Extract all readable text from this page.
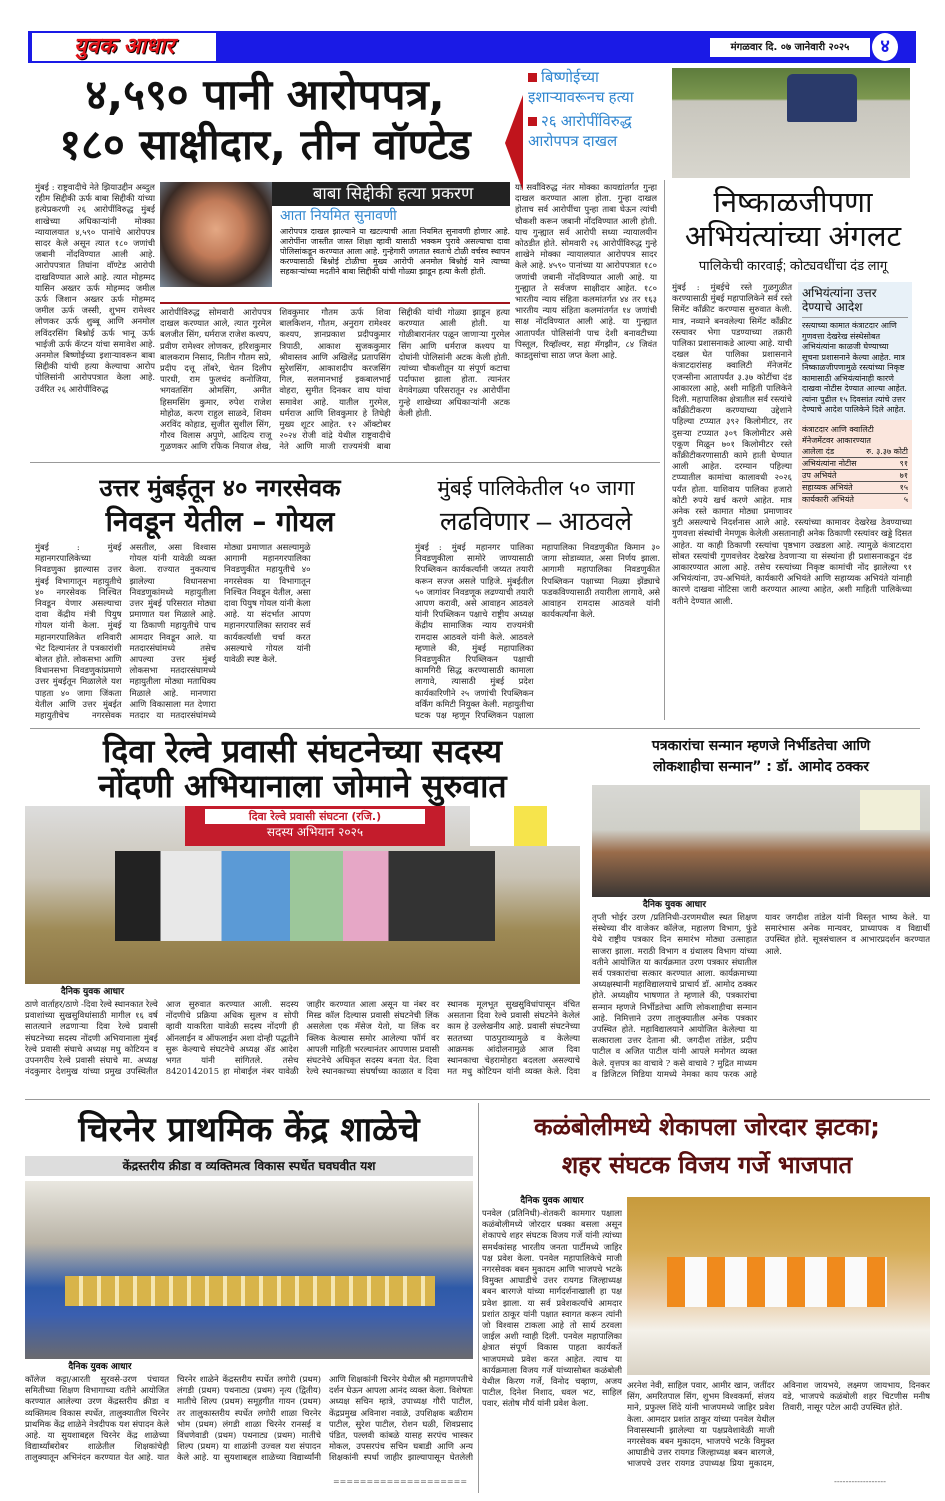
युवक आधार	मंगळवार दि. ०७ जानेवारी २०२५	४
४,५९० पानी आरोपपत्र,
१८० साक्षीदार, तीन वॉण्टेड
बिष्णोईच्या इशाऱ्यावरूनच हत्या
२६ आरोपींविरुद्ध आरोपपत्र दाखल
मुंबई : राष्ट्रवादीचे नेते झियाउद्दीन अब्दुल रहीम सिद्दीकी ऊर्फ बाबा सिद्दीकी यांच्या हत्येप्रकरणी २६ आरोपींविरुद्ध मुंबई शाखेच्या अधिकाऱ्यांनी मोक्का न्यायालयात ४,५९० पानांचे आरोपपत्र सादर केले असून त्यात १८० जणांची जबानी नोंदविण्यात आली आहे. आरोपपत्रात तिघांना वॉण्टेड आरोपी दाखविण्यात आले आहे. त्यात मोहम्मद यासिन अख्तर ऊर्फ मोहम्मद जमील ऊर्फ जिशान अख्तर ऊर्फ मोहम्मद जमील ऊर्फ जस्सी, शुभम रामेश्वर लोणकर ऊर्फ शुब्बू आणि अनमोल लविंदरसिंग बिश्नोई ऊर्फ भानू ऊर्फ भाईजी ऊर्फ कॅप्टन यांचा समावेश आहे. अनमोल बिष्णोईच्या इशाऱ्यावरून बाबा सिद्दीकी यांची हत्या केल्याचा आरोप पोलिसांनी आरोपपत्रात केला आहे. उर्वरित २६ आरोपींविरुद्ध
बाबा सिद्दीकी हत्या प्रकरण
आता नियमित सुनावणी
आरोपपत्र दाखल झाल्याने या खटल्याची आता नियमित सुनावणी होणार आहे. आरोपींना जास्तीत जास्त शिक्षा व्हावी यासाठी भक्कम पुरावे असल्याचा दावा पोलिसांकडून करण्यात आला आहे. गुन्हेगारी जगतात स्वतःचे टोळी वर्चस्व स्थापन करण्यासाठी बिश्नोई टोळीचा मुख्य आरोपी अनमोल बिश्नोई याने त्याच्या सहकाऱ्यांच्या मदतीने बाबा सिद्दीकी यांची गोळ्या झाडून हत्या केली होती.
आरोपींविरुद्ध सोमवारी आरोपपत्र दाखल करण्यात आले, त्यात गुरमेल बलजीत सिंग, धर्मराज राजेश कश्यप, प्रवीण रामेश्वर लोणकर, हरिशकुमार बालकराम निसाद, नितीन गौतम सप्रे, प्रदीप दत्तू तोंबरे, चेतन दिलीप पारधी, राम फुलचंद कनोजिया, भगवतसिंग ओमसिंग, अमीत हिसमसिंग कुमार, रुपेश राजेश मोहोळ, करण राहुल साळवे, शिवम अरविंद कोहाड, सुजीत सुशील सिंग, गौरव विलास अपुणे, आदित्य राजू गुळणकर आणि रफिक नियाज शेख, शिवकुमार गौतम ऊर्फ शिवा बालकिशन, गौतम, अनुराग रामेश्वर कश्यप, ज्ञानप्रकाश प्रदीपकुमार त्रिपाठी, आकाश सुजककुमार श्रीवास्तव आणि अखिलेंद्र प्रतापसिंग सुरेशसिंग, आकाशदीप करजसिंग गिल, सलमानभाई इकबालभाई वोहरा, सुमीत दिनकर वाघ यांचा समावेश आहे. यातील गुरमेल, धर्मराज आणि शिवकुमार हे तिघेही मुख्य शूटर आहेत. १२ ऑक्टोबर २०२४ रोजी वांद्रे येथील राष्ट्रवादीचे नेते आणि माजी राज्यमंत्री बाबा सिद्दीकी यांची गोळ्या झाडून हत्या करण्यात आली होती. या गोळीबारानंतर पळून जाणाऱ्या गुरमेल सिंग आणि धर्मराज कश्यप या दोघांनी पोलिसांनी अटक केली होती. त्यांच्या चौकशीतून या संपूर्ण कटाचा पर्दाफाश झाला होता. त्यानंतर वेगवेगळ्या परिसरातून २४ आरोपींना गुन्हे शाखेच्या अधिकाऱ्यांनी अटक केली होती.
या सर्वांविरुद्ध नंतर मोक्का कायद्यांतर्गत गुन्हा दाखल करण्यात आला होता. गुन्हा दाखल होताच सर्व आरोपींचा पुन्हा ताबा घेऊन त्यांची चौकशी करून जबानी नोंदविण्यात आली होती. याच गुन्ह्यात सर्व आरोपी सध्या न्यायालयीन कोठडीत होते. सोमवारी २६ आरोपींविरुद्ध गुन्हे शाखेने मोक्का न्यायालयात आरोपपत्र सादर केले आहे. ४५९० पानांच्या या आरोपपत्रात १८० जणांची जबानी नोंदविण्यात आली आहे. या गुन्ह्यात ते सर्वजण साक्षीदार आहेत. १८० भारतीय न्याय संहिता कलमांतर्गत ४४ तर १६३ भारतीय न्याय संहिता कलमांतर्गत १४ जणांची साक्ष नोंदविण्यात आली आहे. या गुन्ह्यात आतापर्यंत पोलिसांनी पाच देशी बनावटीच्या पिस्तूल, रिव्हॉल्वर, सहा मॅगझीन, ८४ जिवंत काडतुसांचा साठा जप्त केला आहे.
निष्काळजीपणा
अभियंत्यांच्या अंगलट
पालिकेची कारवाई; कोट्यवधींचा दंड लागू
मुंबई : मुंबईचे रस्ते गुळगुळीत करण्यासाठी मुंबई महापालिकेने सर्व रस्ते सिमेंट काँक्रीट करण्यास सुरुवात केली. मात्र, नव्याने बनवलेल्या सिमेंट काँक्रीट रस्त्यावर भेगा पडण्याच्या तक्रारी पालिका प्रशासनाकडे आल्या आहे. याची दखल घेत पालिका प्रशासनाने कंत्राटदारांसह क्वालिटी मॅनेजमेंट एजन्सीना आतापर्यंत ३.३७ कोटींचा दंड आकारला आहे, अशी माहिती पालिकेने दिली. महापालिका क्षेत्रातील सर्व रस्त्यांचे काँक्रीटीकरण करण्याच्या उद्देशाने पहिल्या टप्प्यात ३९२ किलोमीटर, तर दुसऱ्या टप्प्यात ३०९ किलोमीटर असे एकूण मिळून ७०१ किलोमीटर रस्ते काँक्रीटीकरणासाठी कामे हाती घेण्यात आली आहेत. दरम्यान पहिल्या टप्प्यातील कामांचा कालावधी २०२६ पर्यंत होता. याशिवाय पालिका हजारो कोटी रुपये खर्च करणे आहेत. मात्र अनेक रस्ते कामात मोठ्या प्रमाणावर त्रुटी असल्याचे निदर्शनास आले आहे. रस्त्यांच्या कामावर देखरेख ठेवण्याच्या गुणवत्ता संस्थांची नेमणूक केलेली असतानाही अनेक ठिकाणी रस्त्यांवर खड्डे दिसत आहेत. या काही ठिकाणी रस्त्यांचा पृष्ठभाग उखडला आहे. त्यामुळे कंत्राटदारा सोबत रस्त्यांची गुणवत्तेवर देखरेख ठेवणाऱ्या या संस्थांना ही प्रशासनाकडून दंड आकारण्यात आला आहे. तसेच रस्त्यांच्या निकृष्ट कामांची नोंद झालेल्या ९१ अभियंत्यांना, उप-अभियंते, कार्यकारी अभियंते आणि सहाय्यक अभियंते यांनाही कारणे दाखवा नोटिसा जारी करण्यात आल्या आहेत, अशी माहिती पालिकेच्या वतीने देण्यात आली.
अभियंत्यांना उत्तर देण्याचे आदेश
रस्त्याच्या कामात कंत्राटदार आणि गुणवत्ता देखरेख संस्थेसोबत अभियंत्यांना काळजी घेण्याच्या सूचना प्रशासनाने केल्या आहेत. मात्र निष्काळजीपणामुळे रस्त्यांच्या निकृष्ट कामासाठी अभियंत्यांनाही कारणे दाखवा नोटीस देण्यात आल्या आहेत. त्यांना पुढील १५ दिवसांत त्यांचे उत्तर देण्याचे आदेश पालिकेने दिले आहेत.
कंत्राटदार आणि क्वालिटी मॅनेजमेंटवर आकारण्यात
आलेला दंड	रु. ३.३७ कोटी
अभियंत्यांना नोटीस	९१
उप अभियंते	७१
सहाय्यक अभियंते	१५
कार्यकारी अभियंते	५
उत्तर मुंबईतून ४० नगरसेवक
निवडून येतील – गोयल
मुंबई : मुंबई महानगरपालिकेच्या निवडणुका झाल्यास उत्तर मुंबई विभागातून महायुतीचे ४० नगरसेवक निश्चित निवडून येणार असल्याचा दावा केंद्रीय मंत्री पियुष गोयल यांनी केला. मुंबई महानगरपालिकेत शनिवारी भेट दिल्यानंतर ते पत्रकारांशी बोलत होते. लोकसभा आणि विधानसभा निवडणुकांप्रमाणे उत्तर मुंबईतून मिळालेले यश पाहता ४० जागा जिंकता येतील आणि उत्तर मुंबईत महायुतीचेच नगरसेवक असतील, असा विश्वास गोयल यांनी यावेळी व्यक्त केला. राज्यात नुकत्याच झालेल्या विधानसभा निवडणुकांमध्ये महायुतीला उत्तर मुंबई परिसरात मोठ्या प्रमाणात यश मिळाले आहे. या ठिकाणी महायुतीचे पाच आमदार निवडून आले. या मतदारसंघांमध्ये तसेच आपल्या उत्तर मुंबई लोकसभा मतदारसंघामध्ये महायुतीला मोठ्या मताधिक्य मिळाले आहे. मानणारा आणि विकासाला मत देणारा मतदार या मतदारसंघांमध्ये मोठ्या प्रमाणात असल्यामुळे आगामी महानगरपालिका निवडणुकीत महायुतीचे ४० नगरसेवक या विभागातून निश्चित निवडून येतील, असा दावा पियुष गोयल यांनी केला आहे. या संदर्भात आपण महानगरपालिका स्तरावर सर्व कार्यकर्त्यांशी चर्चा करत असल्याचे गोयल यांनी यावेळी स्पष्ट केले.
मुंबई पालिकेतील ५० जागा
लढविणार – आठवले
मुंबई : मुंबई महानगर पालिका निवडणुकीला सामोरे जाण्यासाठी रिपब्लिकन कार्यकर्त्यांनी जय्यत तयारी करून सज्ज असले पाहिजे. मुंबईतील ५० जागांवर निवडणूक लढण्याची तयारी आपण करावी, असे आवाहन आठवले यांनी रिपब्लिकन पक्षाचे राष्ट्रीय अध्यक्ष केंद्रीय सामाजिक न्याय राज्यमंत्री रामदास आठवले यांनी केले. आठवले म्हणाले की, मुंबई महापालिका निवडणुकीत रिपब्लिकन पक्षाची कामगिरी सिद्ध करण्यासाठी कामाला लागावे, त्यासाठी मुंबई प्रदेश कार्यकारिणीने २५ जणांची रिपब्लिकन वर्किंग कमिटी नियुक्त केली. महायुतीचा घटक पक्ष म्हणून रिपब्लिकन पक्षाला महापालिका निवडणुकीत किमान ३० जागा सोडाव्यात, असा निर्णय झाला. आगामी महापालिका निवडणुकीत रिपब्लिकन पक्षाच्या निळ्या झेंड्याचे फडकविण्यासाठी तयारीला लागावे, असे आवाहन रामदास आठवले यांनी कार्यकर्त्यांना केले.
दिवा रेल्वे प्रवासी संघटनेच्या सदस्य
नोंदणी अभियानाला जोमाने सुरुवात
दिवा रेल्वे प्रवासी संघटना (रजि.)
सदस्य अभियान २०२५
दैनिक युवक आधार
ठाणे वार्ताहर/ठाणे -दिवा रेल्वे स्थानकात रेल्वे प्रवाशांच्या सुखसुविधांसाठी मागील १६ वर्ष सातत्याने लढणाऱ्या दिवा रेल्वे प्रवासी संघटनेच्या सदस्य नोंदणी अभियानाला मुंबई रेल्वे प्रवासी संघाचे अध्यक्ष मधु कोटियन व उपनगरीय रेल्वे प्रवासी संघाचे मा. अध्यक्ष नंदकुमार देशमुख यांच्या प्रमुख उपस्थितीत आज सुरुवात करण्यात आली. सदस्य नोंदणीचे प्रक्रिया अधिक सुलभ व सोपी व्हावी याकरिता यावेळी सदस्य नोंदणी ही ऑनलाईन व ऑफलाईन अशा दोन्ही पद्धतीने सुरू केल्याचे संघटनेचे अध्यक्ष ॲड आदेश भगत यांनी सांगितले. तसेच 8420142015 हा मोबाईल नंबर यावेळी जाहीर करण्यात आला असून या नंबर वर मिस्ड कॉल दिल्यास प्रवासी संघटनेची लिंक असलेला एक मॅसेज येतो, या लिंक वर क्लिक केल्यास समोर आलेल्या फॉर्म वर आपली माहिती भरल्यानंतर आपणास प्रवासी संघटनेचे अधिकृत सदस्य बनता येत. दिवा रेल्वे स्थानकाच्या संघर्षाच्या काळात व दिवा स्थानक मूलभूत सुखसुविधांपासून वंचित असताना दिवा रेल्वे प्रवासी संघटनेने केलेलं काम हे उल्लेखनीय आहे. प्रवासी संघटनेच्या सततच्या पाठपुराव्यामुळे व केलेल्या आक्रमक आंदोलनामुळे आज दिवा स्थानकाचा चेहरामोहरा बदलला असल्याचे मत मधु कोटियन यांनी व्यक्त केले. दिवा
पत्रकारांचा सन्मान म्हणजे निर्भीडतेचा आणि
लोकशाहीचा सन्मान” : डॉ. आमोद ठक्कर
दैनिक युवक आधार
तृप्ती भोईर उरण /प्रतिनिधी-उरणमधील स्थत शिक्षण संस्थेच्या वीर वाजेकर कॉलेज, महालण विभाग, फुंडे येथे राष्ट्रीय पत्रकार दिन समारंभ मोठ्या उत्साहात साजरा झाला. मराठी विभाग व ग्रंथालय विभाग यांच्या वतीने आयोजित या कार्यक्रमात उरण पत्रकार संघातील सर्व पत्रकारांचा सत्कार करण्यात आला. कार्यक्रमाच्या अध्यक्षस्थानी महाविद्यालयाचे प्राचार्य डॉ. आमोद ठक्कर होते. अध्यक्षीय भाषणात ते म्हणाले की, पत्रकारांचा सन्मान म्हणजे निर्भीडतेचा आणि लोकशाहीचा सन्मान आहे. निमित्ताने उरण तालुक्यातील अनेक पत्रकार उपस्थित होते. महाविद्यालयाने आयोजित केलेल्या या सत्काराला उत्तर देताना श्री. जगदीश तांडेल, प्रदीप पाटील व अजित पाटील यांनी आपले मनोगत व्यक्त केले. वृत्तपत्र का वाचावे ? कसे वाचावे ? मुद्रित माध्यम व डिजिटल मिडिया यामध्ये नेमका काय फरक आहे यावर जगदीश तांडेल यांनी विस्तृत भाष्य केले. या समारंभास अनेक मान्यवर, प्राध्यापक व विद्यार्थी उपस्थित होते. सूत्रसंचालन व आभारप्रदर्शन करण्यात आले.
चिरनेर प्राथमिक केंद्र शाळेचे
केंद्रस्तरीय क्रीडा व व्यक्तिमत्व विकास स्पर्धेत घवघवीत यश
दैनिक युवक आधार
कॉलेज कट्टा/आरती सुरवसे-उरण पंचायत समितीच्या शिक्षण विभागाच्या वतीने आयोजित करण्यात आलेल्या उरण केंद्रस्तरीय क्रीडा व व्यक्तिमत्व विकास स्पर्धेत, तालुक्यातील चिरनेर प्राथमिक केंद्र शाळेने नेत्रदीपक यश संपादन केले आहे. या सुयशाबद्दल चिरनेर केंद्र शाळेच्या विद्यार्थ्यांबरोबर शाळेतील शिक्षकांचेही तालुक्यातून अभिनंदन करण्यात येत आहे. यात चिरनेर शाळेने केंद्रस्तरीय स्पर्धेत लगोरी (प्रथम) लंगडी (प्रथम) पथनाट्य (प्रथम) नृत्य (द्वितीय) मातीचे शिल्प (प्रथम) समूहगीत गायन (प्रथम) तर तालुकास्तरीय स्पर्धेत लगोरी शाळा चिरनेर भोम (प्रथम) लंगडी शाळा चिरनेर रानसई व विंधणेवाडी (प्रथम) पथनाट्य (प्रथम) मातीचे शिल्प (प्रथम) या शाळांनी उज्वल यश संपादन केले आहे. या सुयशाबद्दल शाळेच्या विद्यार्थ्यांनी आणि शिक्षकांनी चिरनेर येथील श्री महागणपतीचे दर्शन घेऊन आपला आनंद व्यक्त केला. विशेषतः अध्यक्ष सचिन म्हात्रे, उपाध्यक्ष गौरी पाटील, केंद्रप्रमुख अविनाश नवाळे, उपशिक्षक बळीराम पाटील, सुरेश पाटील, रोशन घळी, शिवप्रसाद पंडित, पल्लवी कांबळे यासह सरपंच भास्कर मोकल, उपसरपंच सचिन घबाडी आणि अन्य शिक्षकांनी स्पर्धा जाहीर झाल्यापासून घेतलेली
====================
कळंबोलीमध्ये शेकापला जोरदार झटका;
शहर संघटक विजय गर्जे भाजपात
दैनिक युवक आधार
पनवेल (प्रतिनिधी)-शेतकरी कामगार पक्षाला कळंबोलीमध्ये जोरदार धक्का बसला असून शेकापचे शहर संघटक विजय गर्जे यांनी त्यांच्या समर्थकांसह भारतीय जनता पार्टीमध्ये जाहिर पक्ष प्रवेश केला. पनवेल महापालिकेचे माजी नगरसेवक बबन मुकादम आणि भाजपचे भटके विमुक्त आघाडीचे उत्तर रायगड जिल्हाध्यक्ष बबन बारगजे यांच्या मार्गदर्शनाखाली हा पक्ष प्रवेश झाला. या सर्व प्रवेशकर्त्यांचे आमदार प्रशांत ठाकूर यांनी पक्षात स्वागत करून त्यांनी जो विश्वास टाकला आहे तो सार्थ ठरवला जाईल अशी ग्वाही दिली. पनवेल महापालिका क्षेत्रात संपूर्ण विकास पाहता कार्यकर्ते भाजपमध्ये प्रवेश करत आहेत. त्याच या कार्यक्रमाला विजय गर्जे यांच्यासोबत कळंबोली येथील किरण गर्जे, विनोद चव्हाण, अजय पाटील, दिनेश निशाद, धवल भट, साहिल पवार, संतोष मौर्य यांनी प्रवेश केला.
अरनेश नेवी, साहिल पवार, आमीर खान, जतींदर सिंग, अमरितपाल सिंग, शुभम विश्वकर्मा, संजय माने, प्रफुल्ल शिंदे यांनी भाजपमध्ये जाहिर प्रवेश केला. आमदार प्रशांत ठाकूर यांच्या पनवेल येथील निवासस्थानी झालेल्या या पक्षप्रवेशावेळी माजी नगरसेवक बबन मुकादम, भाजपचे भटके विमुक्त आघाडीचे उत्तर रायगड जिल्हाध्यक्ष बबन बारगजे, भाजपचे उत्तर रायगड उपाध्यक्ष प्रिया मुकादम, अविनाश जायभये, लक्ष्मण जायभाय, दिनकर वडे, भाजपचे कळंबोली शहर चिटणीस मनीष तिवारी, नासूर पटेल आदी उपस्थित होते.
------------------
